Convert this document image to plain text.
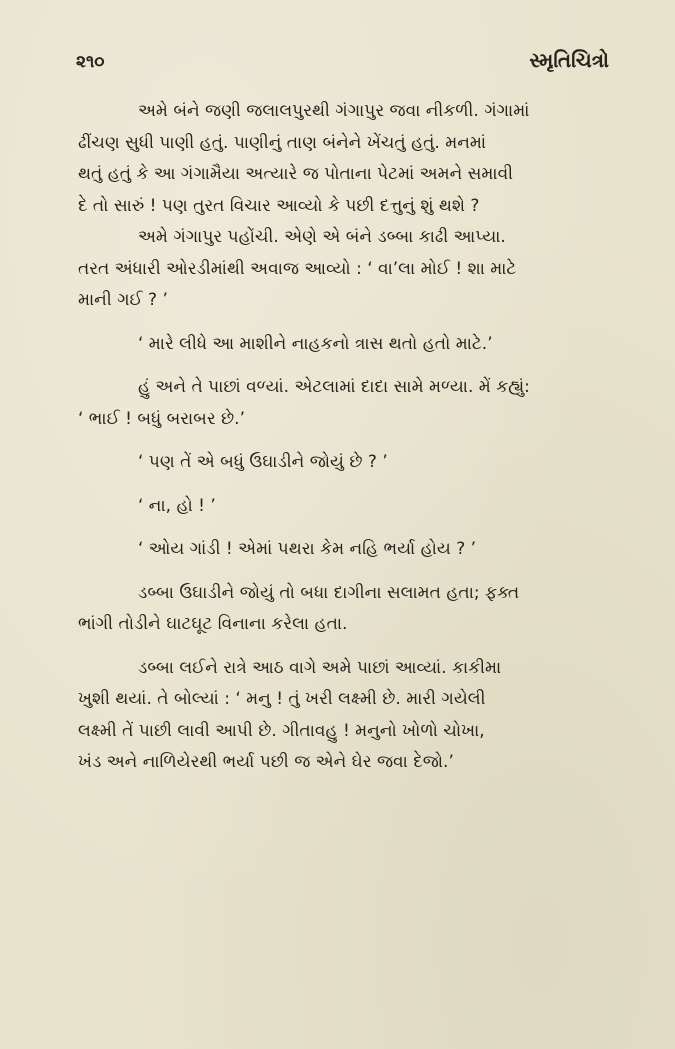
૨૧૦	સ્મૃતિચિત્રો

અમે બંને જણી જલાલપુરથી ગંગાપુર જવા નીકળી. ગંગામાં
ઢીંચણ સુધી પાણી હતું. પાણીનું તાણ બંનેને ખેંચતું હતું. મનમાં
થતું હતું કે આ ગંગામૈયા અત્યારે જ પોતાના પેટમાં અમને સમાવી
દે તો સારું ! પણ તુરત વિચાર આવ્યો કે પછી દત્તુનું શું થશે ?

અમે ગંગાપુર પહોંચી. એણે એ બંને ડબ્બા કાઢી આપ્યા.
તરત અંધારી ઓરડીમાંથી અવાજ આવ્યો : ‘ વા’લા મોઈ ! શા માટે
માની ગઈ ? ’

‘ મારે લીધે આ માશીને નાહકનો ત્રાસ થતો હતો માટે.’

હું અને તે પાછાં વળ્યાં. એટલામાં દાદા સામે મળ્યા. મેં કહ્યું:
‘ ભાઈ ! બધું બરાબર છે.’

‘ પણ તેં એ બધું ઉઘાડીને જોયું છે ? ’

‘ ના, હો ! ’

‘ ઓય ગાંડી ! એમાં પથરા કેમ નહિ ભર્યા હોય ? ’

ડબ્બા ઉઘાડીને જોયું તો બધા દાગીના સલામત હતા; ફક્ત
ભાંગી તોડીને ઘાટઘૂટ વિનાના કરેલા હતા.

ડબ્બા લઈને રાત્રે આઠ વાગે અમે પાછાં આવ્યાં. કાકીમા
ખુશી થયાં. તે બોલ્યાં : ‘ મનુ ! તું ખરી લક્ષ્મી છે. મારી ગયેલી
લક્ષ્મી તેં પાછી લાવી આપી છે. ગીતાવહુ ! મનુનો ખોળો ચોખા,
ખંડ અને નાળિયેરથી ભર્યા પછી જ એને ઘેર જવા દેજો.’
